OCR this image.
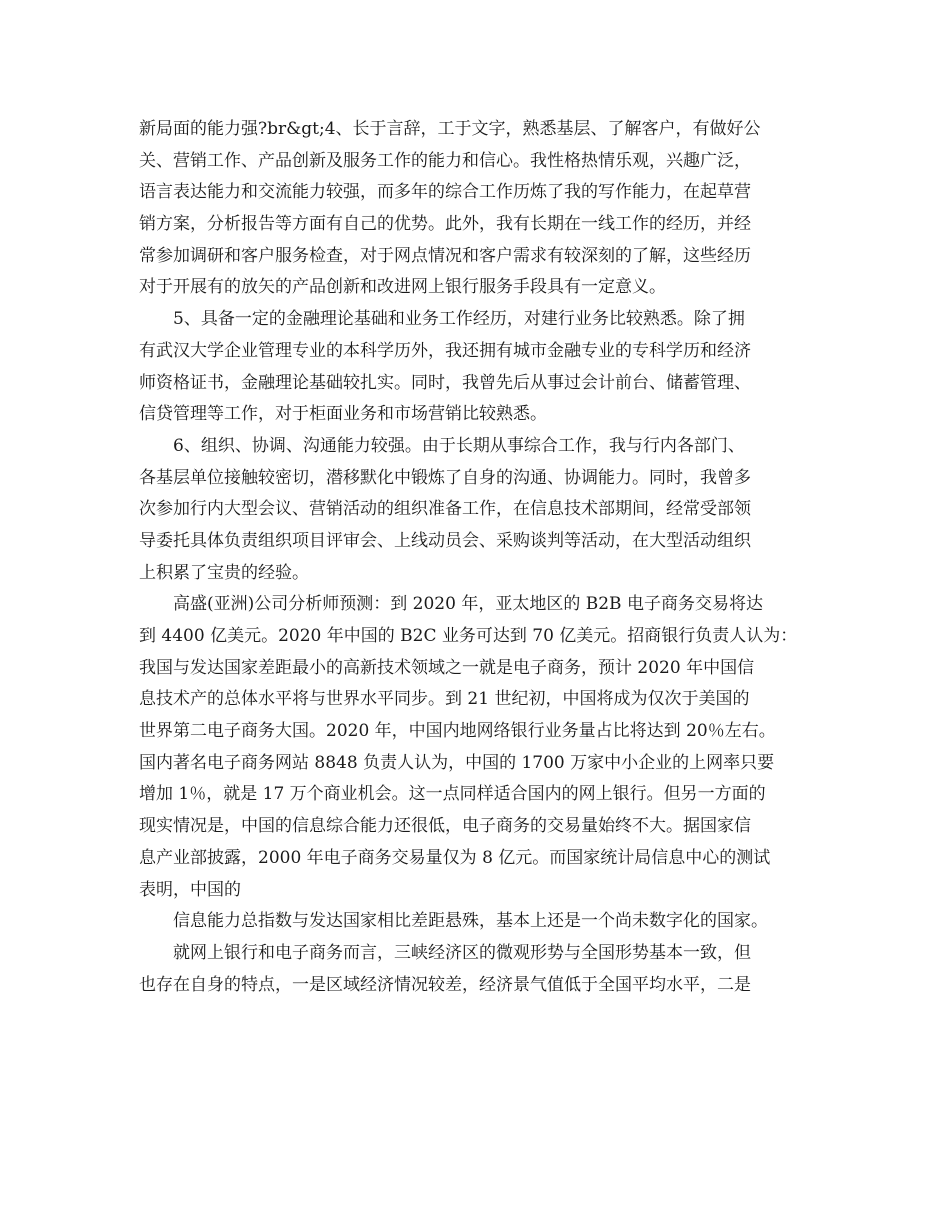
新局面的能力强?br&gt;4、长于言辞，工于文字，熟悉基层、了解客户，有做好公
关、营销工作、产品创新及服务工作的能力和信心。我性格热情乐观，兴趣广泛，
语言表达能力和交流能力较强，而多年的综合工作历炼了我的写作能力，在起草营
销方案，分析报告等方面有自己的优势。此外，我有长期在一线工作的经历，并经
常参加调研和客户服务检查，对于网点情况和客户需求有较深刻的了解，这些经历
对于开展有的放矢的产品创新和改进网上银行服务手段具有一定意义。

5、具备一定的金融理论基础和业务工作经历，对建行业务比较熟悉。除了拥
有武汉大学企业管理专业的本科学历外，我还拥有城市金融专业的专科学历和经济
师资格证书，金融理论基础较扎实。同时，我曾先后从事过会计前台、储蓄管理、
信贷管理等工作，对于柜面业务和市场营销比较熟悉。

6、组织、协调、沟通能力较强。由于长期从事综合工作，我与行内各部门、
各基层单位接触较密切，潜移默化中锻炼了自身的沟通、协调能力。同时，我曾多
次参加行内大型会议、营销活动的组织准备工作，在信息技术部期间，经常受部领
导委托具体负责组织项目评审会、上线动员会、采购谈判等活动，在大型活动组织
上积累了宝贵的经验。

高盛(亚洲)公司分析师预测：到 2020 年，亚太地区的 B2B 电子商务交易将达
到 4400 亿美元。2020 年中国的 B2C 业务可达到 70 亿美元。招商银行负责人认为：
我国与发达国家差距最小的高新技术领域之一就是电子商务，预计 2020 年中国信
息技术产的总体水平将与世界水平同步。到 21 世纪初，中国将成为仅次于美国的
世界第二电子商务大国。2020 年，中国内地网络银行业务量占比将达到 20％左右。
国内著名电子商务网站 8848 负责人认为，中国的 1700 万家中小企业的上网率只要
增加 1％，就是 17 万个商业机会。这一点同样适合国内的网上银行。但另一方面的
现实情况是，中国的信息综合能力还很低，电子商务的交易量始终不大。据国家信
息产业部披露，2000 年电子商务交易量仅为 8 亿元。而国家统计局信息中心的测试
表明，中国的

信息能力总指数与发达国家相比差距悬殊，基本上还是一个尚未数字化的国家。

就网上银行和电子商务而言，三峡经济区的微观形势与全国形势基本一致，但
也存在自身的特点，一是区域经济情况较差，经济景气值低于全国平均水平，二是
